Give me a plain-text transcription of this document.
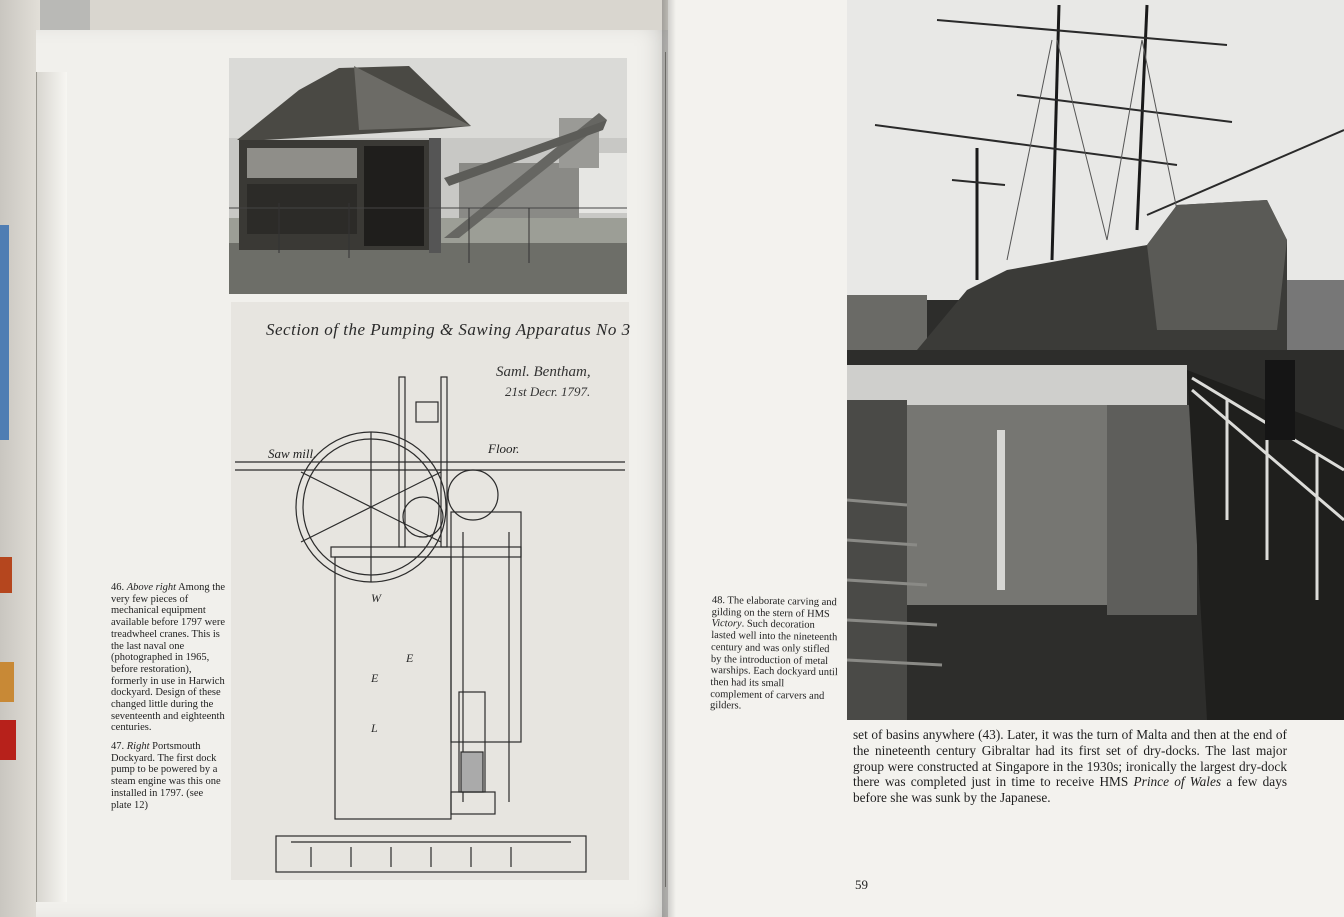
W
E
E
L
Section of the Pumping & Sawing Apparatus No 3
Saml. Bentham,
21st Decr. 1797.
Saw mill.	Floor.

46. Above right Among the very few pieces of mechanical equipment available before 1797 were treadwheel cranes. This is the last naval one (photographed in 1965, before restoration), formerly in use in Harwich dockyard. Design of these changed little during the seventeenth and eighteenth centuries.

47. Right Portsmouth Dockyard. The first dock pump to be powered by a steam engine was this one installed in 1797. (see plate 12)

48. The elaborate carving and gilding on the stern of HMS Victory. Such decoration lasted well into the nineteenth century and was only stifled by the introduction of metal warships. Each dockyard until then had its small complement of carvers and gilders.

set of basins anywhere (43). Later, it was the turn of Malta and then at the end of the nineteenth century Gibraltar had its first set of dry-docks. The last major group were constructed at Singapore in the 1930s; ironically the largest dry-dock there was completed just in time to receive HMS Prince of Wales a few days before she was sunk by the Japanese.
59
